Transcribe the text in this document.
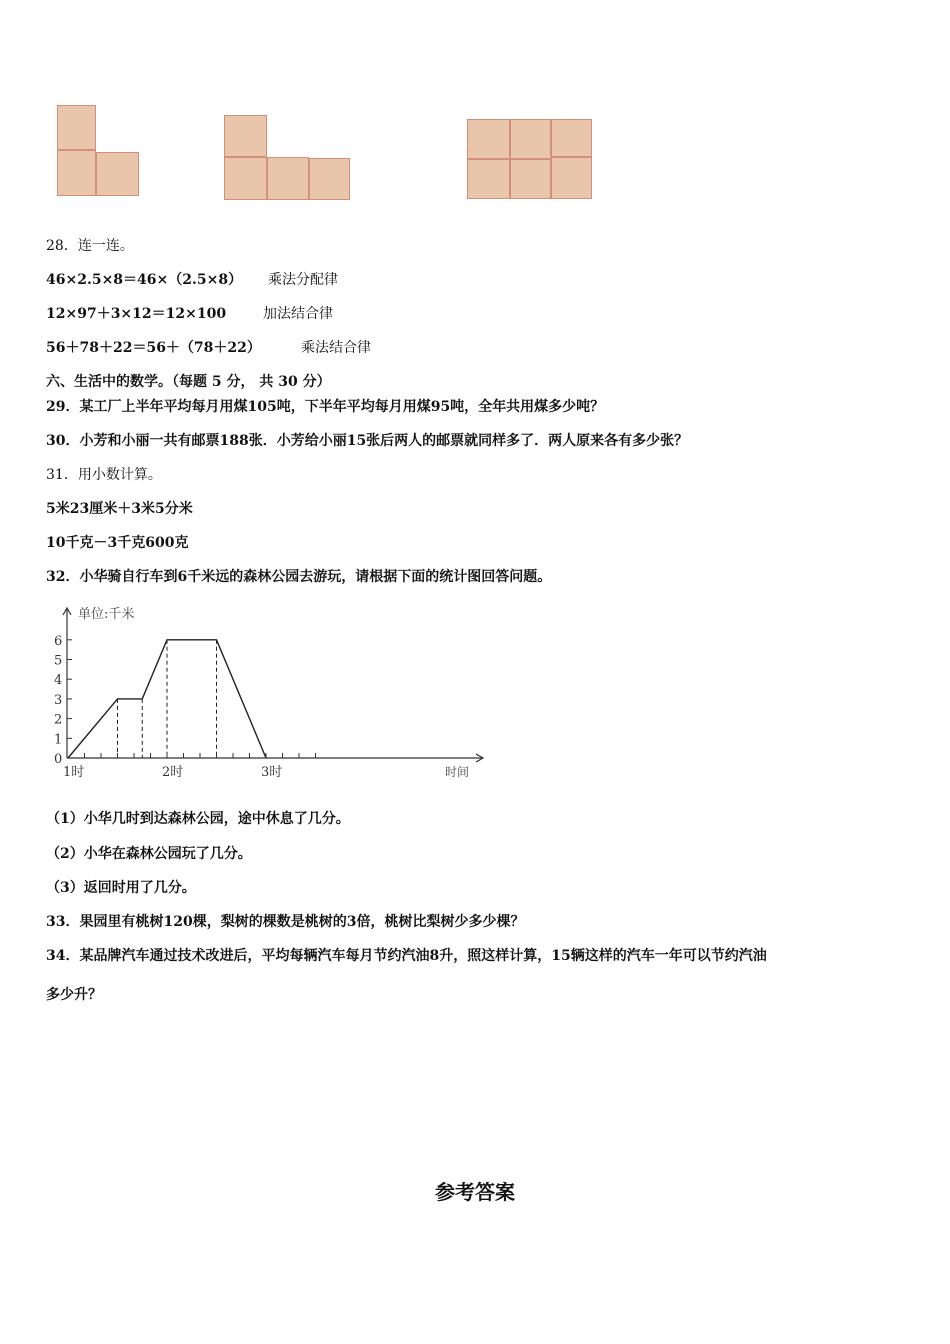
28．连一连。
46×2.5×8＝46×（2.5×8） 乘法分配律
12×97＋3×12＝12×100	加法结合律
56＋78＋22＝56＋（78＋22）	乘法结合律
六、生活中的数学。（每题 5 分， 共 30 分）
29．某工厂上半年平均每月用煤105吨，下半年平均每月用煤95吨，全年共用煤多少吨？
30．小芳和小丽一共有邮票188张．小芳给小丽15张后两人的邮票就同样多了．两人原来各有多少张？
31．用小数计算。
5米23厘米＋3米5分米
10千克－3千克600克
32．小华骑自行车到6千米远的森林公园去游玩，请根据下面的统计图回答问题。
0
1
2
3
4
5
6
1时	2时	3时
单位:千米
时间
（1）小华几时到达森林公园，途中休息了几分。
（2）小华在森林公园玩了几分。
（3）返回时用了几分。
33．果园里有桃树120棵，梨树的棵数是桃树的3倍，桃树比梨树少多少棵？
34．某品牌汽车通过技术改进后，平均每辆汽车每月节约汽油8升，照这样计算，15辆这样的汽车一年可以节约汽油
多少升？
参考答案
